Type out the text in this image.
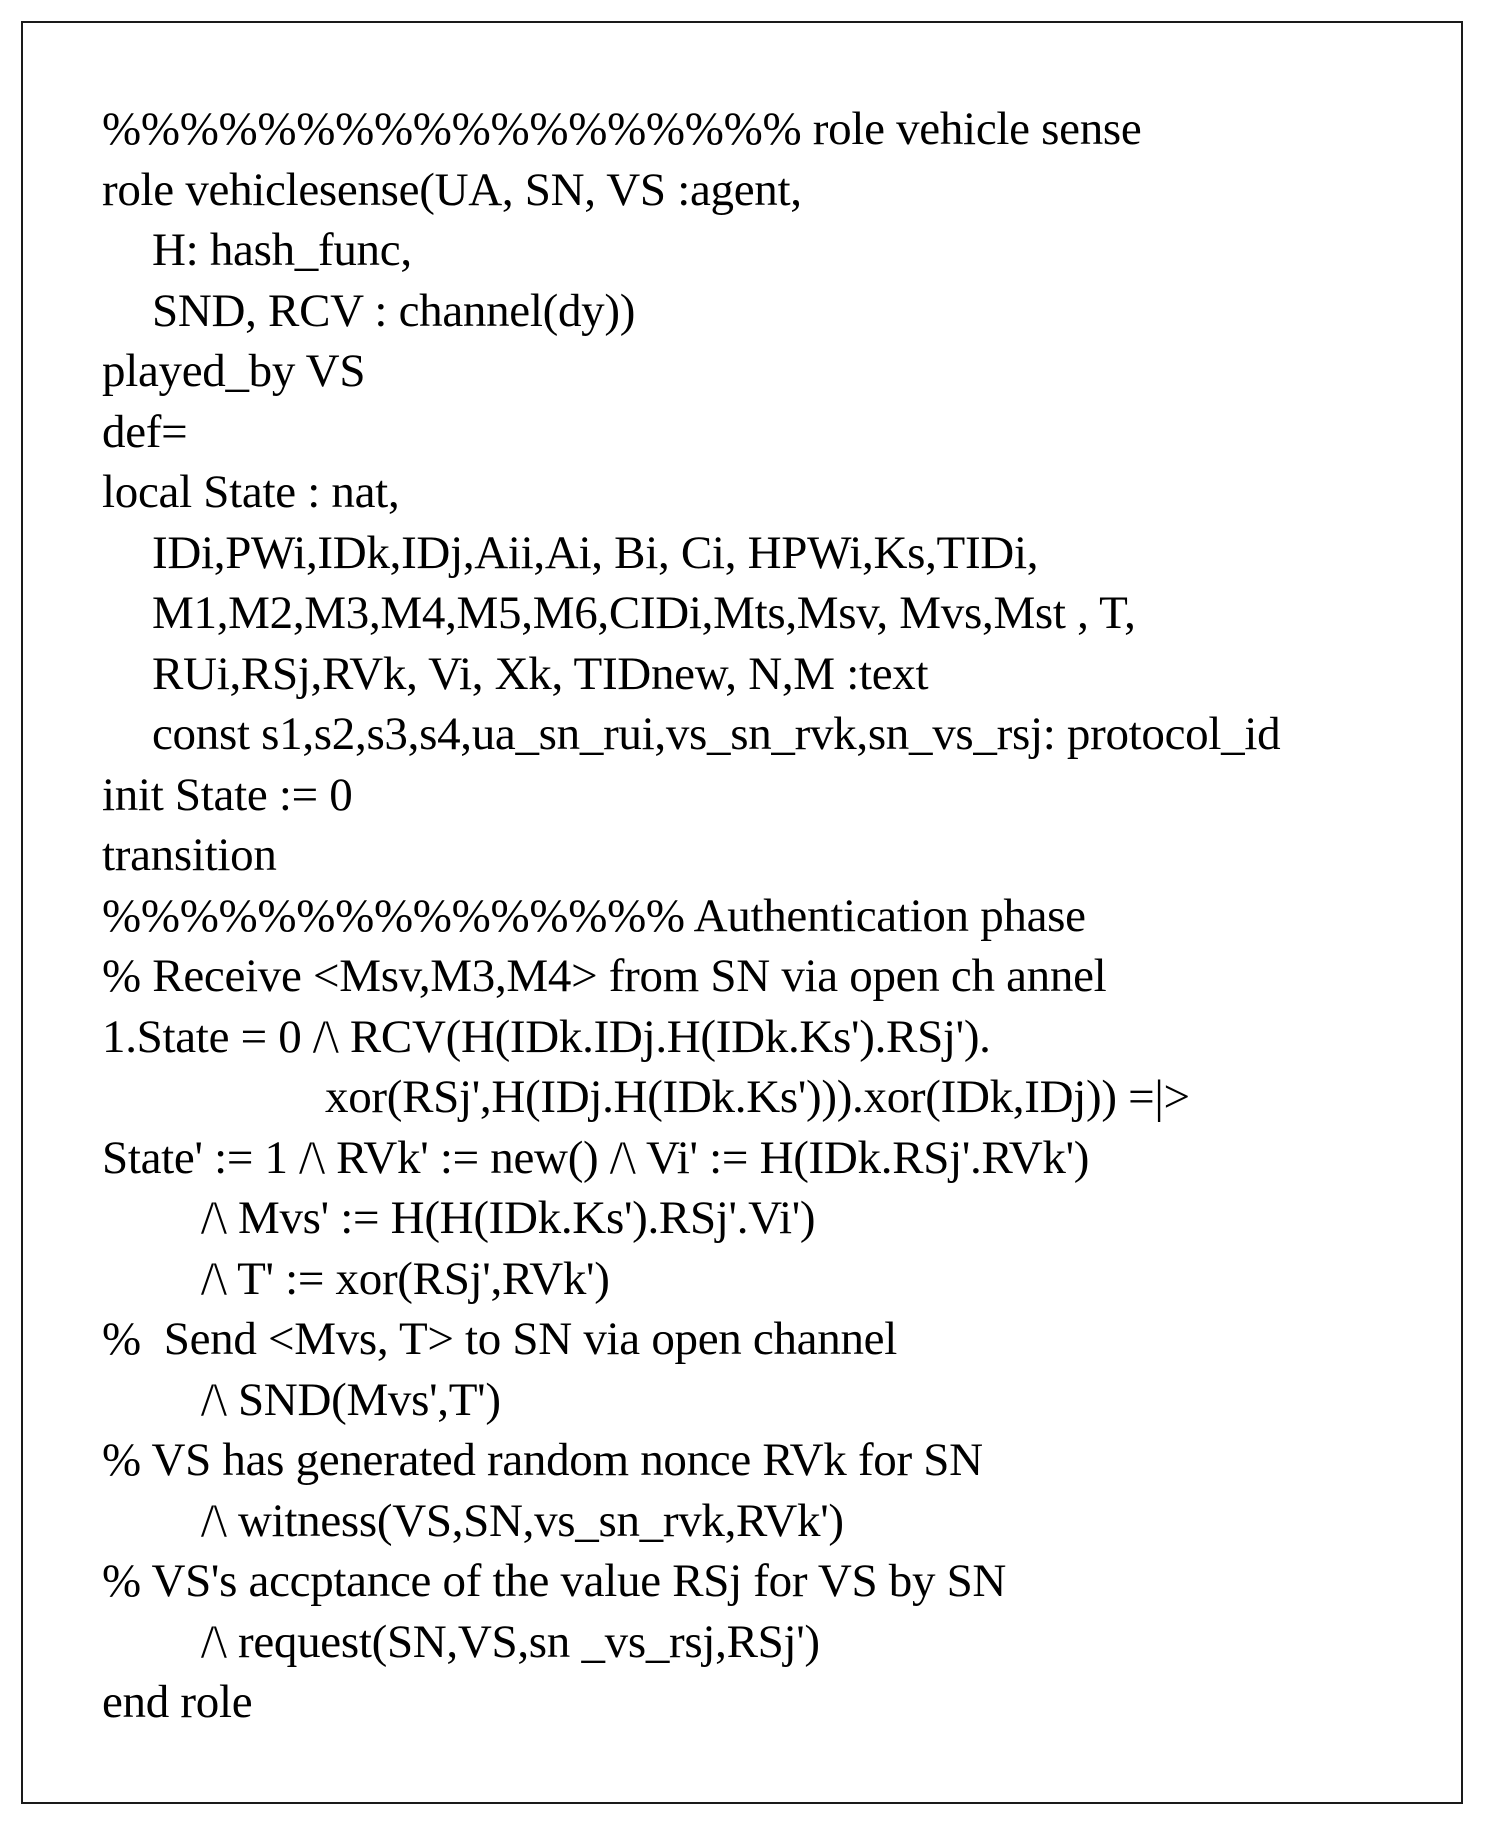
%%%%%%%%%%%%%%%%%% role vehicle sense
role vehiclesense(UA, SN, VS :agent,
H: hash_func,
SND, RCV : channel(dy))
played_by VS
def=
local State : nat,
IDi,PWi,IDk,IDj,Aii,Ai, Bi, Ci, HPWi,Ks,TIDi,
M1,M2,M3,M4,M5,M6,CIDi,Mts,Msv, Mvs,Mst , T,
RUi,RSj,RVk, Vi, Xk, TIDnew, N,M :text
const s1,s2,s3,s4,ua_sn_rui,vs_sn_rvk,sn_vs_rsj: protocol_id
init State := 0
transition
%%%%%%%%%%%%%%% Authentication phase
% Receive <Msv,M3,M4> from SN via open ch annel
1.State = 0 /\ RCV(H(IDk.IDj.H(IDk.Ks').RSj').
xor(RSj',H(IDj.H(IDk.Ks'))).xor(IDk,IDj)) =|>
State' := 1 /\ RVk' := new() /\ Vi' := H(IDk.RSj'.RVk')
/\ Mvs' := H(H(IDk.Ks').RSj'.Vi')
/\ T' := xor(RSj',RVk')
%  Send <Mvs, T> to SN via open channel
/\ SND(Mvs',T')
% VS has generated random nonce RVk for SN
/\ witness(VS,SN,vs_sn_rvk,RVk')
% VS's accptance of the value RSj for VS by SN
/\ request(SN,VS,sn _vs_rsj,RSj')
end role
